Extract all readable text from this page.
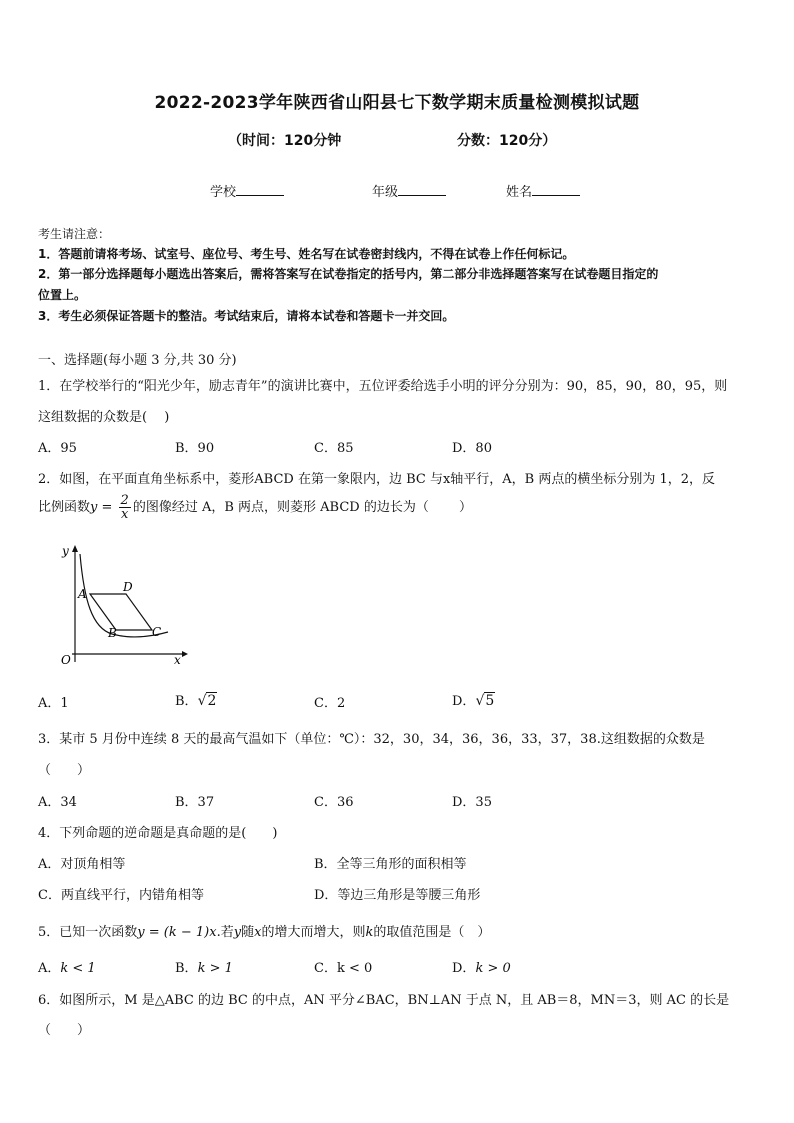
2022-2023学年陕西省山阳县七下数学期末质量检测模拟试题
（时间：120分钟	分数：120分）
学校	年级	姓名
考生请注意：
1．答题前请将考场、试室号、座位号、考生号、姓名写在试卷密封线内，不得在试卷上作任何标记。
2．第一部分选择题每小题选出答案后，需将答案写在试卷指定的括号内，第二部分非选择题答案写在试卷题目指定的
位置上。
3．考生必须保证答题卡的整洁。考试结束后，请将本试卷和答题卡一并交回。
一、选择题(每小题 3 分,共 30 分)
1．在学校举行的“阳光少年，励志青年”的演讲比赛中，五位评委给选手小明的评分分别为：90，85，90，80，95，则
这组数据的众数是(　 )
A．95	B．90	C．85	D．80
2．如图，在平面直角坐标系中，菱形ABCD 在第一象限内，边 BC 与x轴平行，A，B 两点的横坐标分别为 1，2，反
比例函数$y = \frac{2}{x}$ 的图像经过 A，B 两点，则菱形 ABCD 的边长为（　　 ）
y
x
O
A	D
B	C
A．1	B．√2	C．2	D．√5
3．某市 5 月份中连续 8 天的最高气温如下（单位：℃）：32，30，34，36，36，33，37，38.这组数据的众数是
（　　）
A．34	B．37	C．36	D．35
4．下列命题的逆命题是真命题的是(　　)
A．对顶角相等	B．全等三角形的面积相等
C．两直线平行，内错角相等	D．等边三角形是等腰三角形
5．已知一次函数y = (k − 1)x.若y随x的增大而增大，则k的取值范围是（　）
A．k < 1	B．k > 1	C．k < 0	D．k > 0
6．如图所示，M 是△ABC 的边 BC 的中点，AN 平分∠BAC，BN⊥AN 于点 N，且 AB＝8，MN＝3，则 AC 的长是
（　　）
